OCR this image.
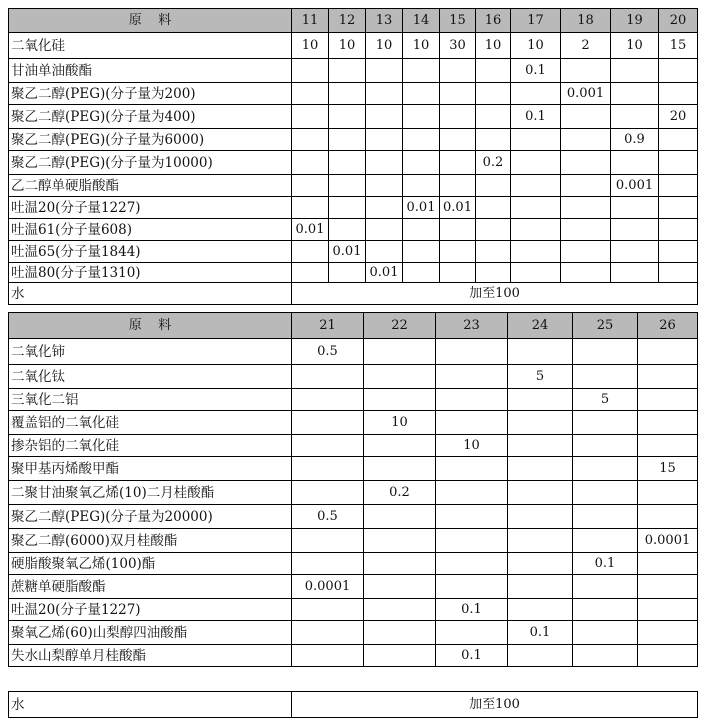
原    料	11	12	13	14	15	16	17	18	19	20
二氧化硅	10	10	10	10	30	10	10	2	10	15
甘油单油酸酯							0.1			
聚乙二醇(PEG)(分子量为200)								0.001		
聚乙二醇(PEG)(分子量为400)							0.1			20
聚乙二醇(PEG)(分子量为6000)									0.9	
聚乙二醇(PEG)(分子量为10000)						0.2				
乙二醇单硬脂酸酯									0.001	
吐温20(分子量1227)				0.01	0.01					
吐温61(分子量608)	0.01									
吐温65(分子量1844)		0.01								
吐温80(分子量1310)			0.01							
水	加至100									
原    料	21	22	23	24	25	26
二氧化铈	0.5					
二氧化钛				5		
三氧化二铝					5	
覆盖铝的二氧化硅		10				
掺杂铝的二氧化硅			10			
聚甲基丙烯酸甲酯						15
二聚甘油聚氧乙烯(10)二月桂酸酯		0.2				
聚乙二醇(PEG)(分子量为20000)	0.5					
聚乙二醇(6000)双月桂酸酯						0.0001
硬脂酸聚氧乙烯(100)酯					0.1	
蔗糖单硬脂酸酯	0.0001					
吐温20(分子量1227)			0.1			
聚氧乙烯(60)山梨醇四油酸酯				0.1		
失水山梨醇单月桂酸酯			0.1			
水	加至100
